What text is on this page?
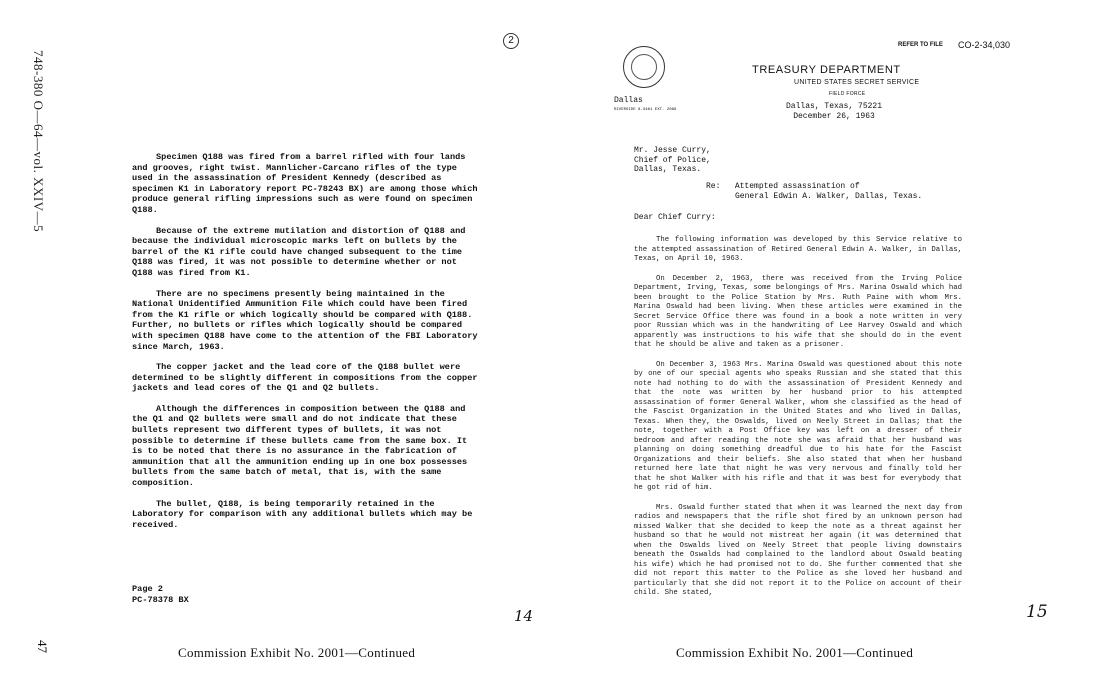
748-380 O—64—vol. XXIV—5
47
2

Specimen Q188 was fired from a barrel rifled with four lands and grooves, right twist. Mannlicher-Carcano rifles of the type used in the assassination of President Kennedy (described as specimen K1 in Laboratory report PC-78243 BX) are among those which produce general rifling impressions such as were found on specimen Q188.

Because of the extreme mutilation and distortion of Q188 and because the individual microscopic marks left on bullets by the barrel of the K1 rifle could have changed subsequent to the time Q188 was fired, it was not possible to determine whether or not Q188 was fired from K1.

There are no specimens presently being maintained in the National Unidentified Ammunition File which could have been fired from the K1 rifle or which logically should be compared with Q188. Further, no bullets or rifles which logically should be compared with specimen Q188 have come to the attention of the FBI Laboratory since March, 1963.

The copper jacket and the lead core of the Q188 bullet were determined to be slightly different in compositions from the copper jackets and lead cores of the Q1 and Q2 bullets.

Although the differences in composition between the Q188 and the Q1 and Q2 bullets were small and do not indicate that these bullets represent two different types of bullets, it was not possible to determine if these bullets came from the same box. It is to be noted that there is no assurance in the fabrication of ammunition that all the ammunition ending up in one box possesses bullets from the same batch of metal, that is, with the same composition.

The bullet, Q188, is being temporarily retained in the Laboratory for comparison with any additional bullets which may be received.

Page 2
PC-78378 BX
14
Commission Exhibit No. 2001—Continued
REFER TO FILE CO-2-34,030
TREASURY DEPARTMENT
UNITED STATES SECRET SERVICE
FIELD FORCE
Dallas
RIVERSIDE 8-3461 EXT. 2089	Dallas, Texas, 75221
December 26, 1963
Mr. Jesse Curry,
Chief of Police,
Dallas, Texas.
Re: Attempted assassination of
General Edwin A. Walker, Dallas, Texas.
Dear Chief Curry:

The following information was developed by this Service relative to the attempted assassination of Retired General Edwin A. Walker, in Dallas, Texas, on April 10, 1963.

On December 2, 1963, there was received from the Irving Police Department, Irving, Texas, some belongings of Mrs. Marina Oswald which had been brought to the Police Station by Mrs. Ruth Paine with whom Mrs. Marina Oswald had been living. When these articles were examined in the Secret Service Office there was found in a book a note written in very poor Russian which was in the handwriting of Lee Harvey Oswald and which apparently was instructions to his wife that she should do in the event that he should be alive and taken as a prisoner.

On December 3, 1963 Mrs. Marina Oswald was questioned about this note by one of our special agents who speaks Russian and she stated that this note had nothing to do with the assassination of President Kennedy and that the note was written by her husband prior to his attempted assassination of former General Walker, whom she classified as the head of the Fascist Organization in the United States and who lived in Dallas, Texas. When they, the Oswalds, lived on Neely Street in Dallas; that the note, together with a Post Office key was left on a dresser of their bedroom and after reading the note she was afraid that her husband was planning on doing something dreadful due to his hate for the Fascist Organizations and their beliefs. She also stated that when her husband returned here late that night he was very nervous and finally told her that he shot Walker with his rifle and that it was best for everybody that he got rid of him.

Mrs. Oswald further stated that when it was learned the next day from radios and newspapers that the rifle shot fired by an unknown person had missed Walker that she decided to keep the note as a threat against her husband so that he would not mistreat her again (it was determined that when the Oswalds lived on Neely Street that people living downstairs beneath the Oswalds had complained to the landlord about Oswald beating his wife) which he had promised not to do. She further commented that she did not report this matter to the Police as she loved her husband and particularly that she did not report it to the Police on account of their child. She stated,

15
Commission Exhibit No. 2001—Continued
